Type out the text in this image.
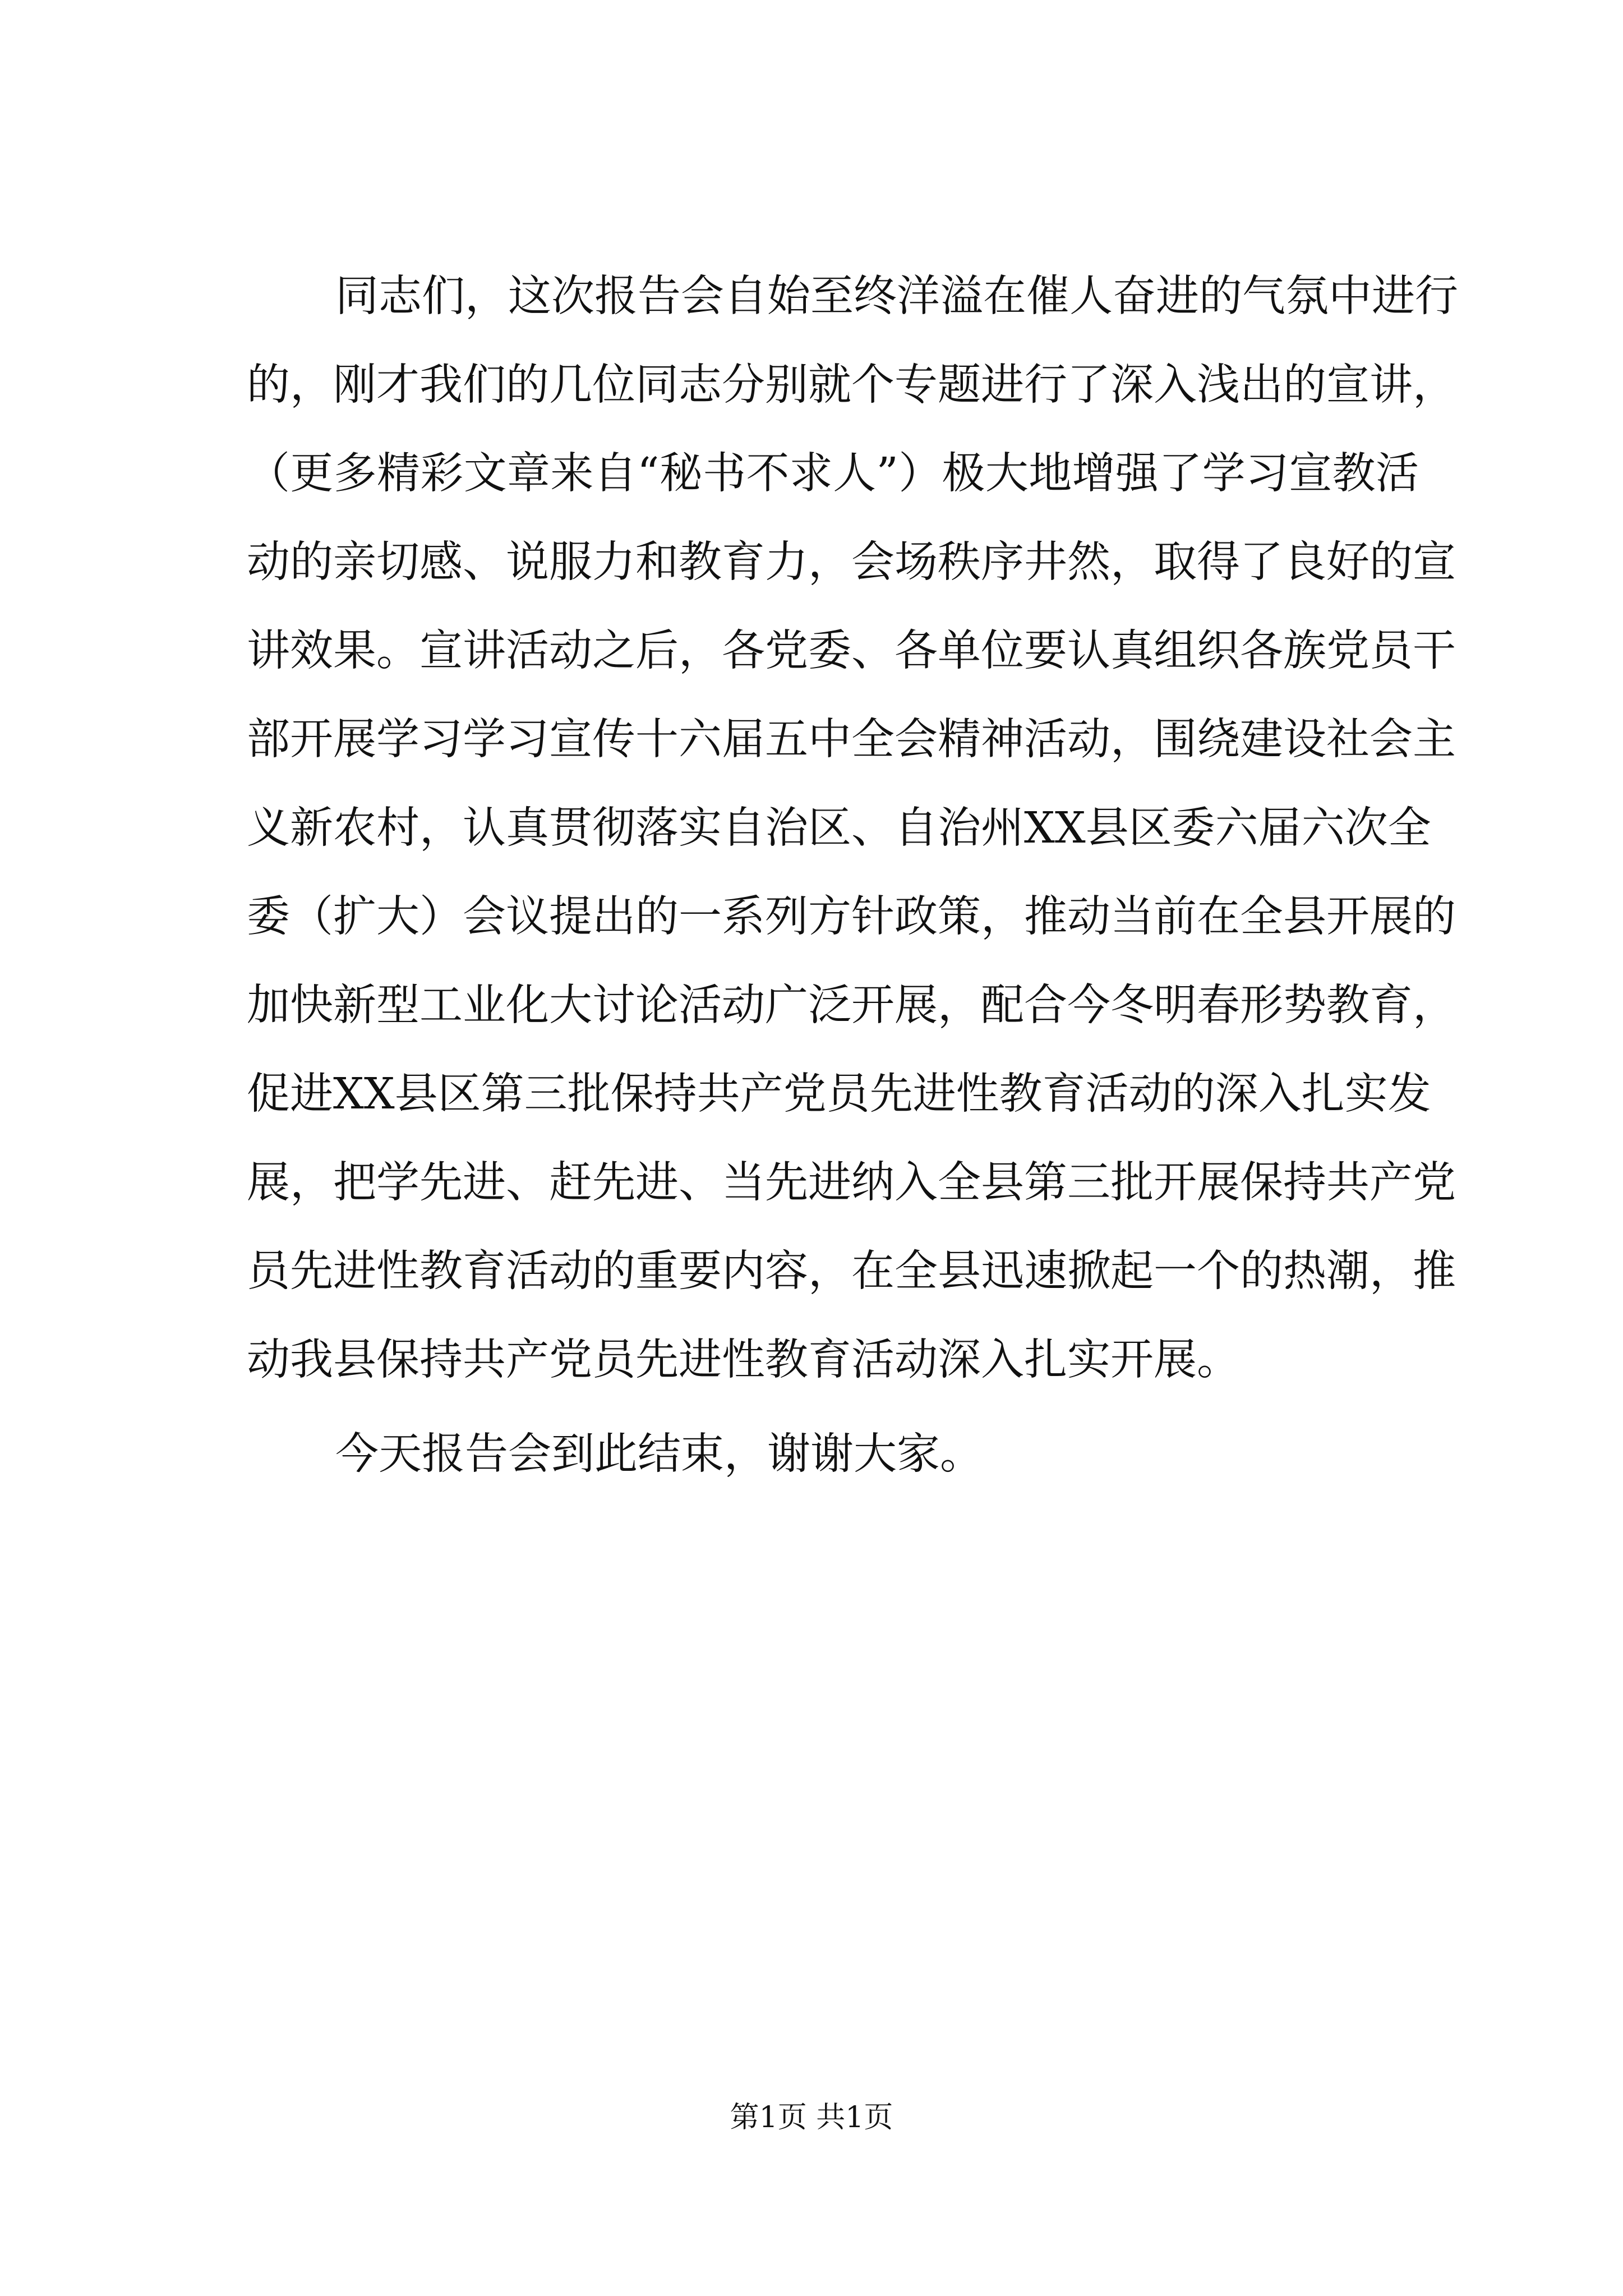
同志们，这次报告会自始至终洋溢在催人奋进的气氛中进行
的，刚才我们的几位同志分别就个专题进行了深入浅出的宣讲，
（更多精彩文章来自“秘书不求人”）极大地增强了学习宣教活
动的亲切感、说服力和教育力，会场秩序井然，取得了良好的宣
讲效果。宣讲活动之后，各党委、各单位要认真组织各族党员干
部开展学习学习宣传十六届五中全会精神活动，围绕建设社会主
义新农村，认真贯彻落实自治区、自治州XX县区委六届六次全
委（扩大）会议提出的一系列方针政策，推动当前在全县开展的
加快新型工业化大讨论活动广泛开展，配合今冬明春形势教育，
促进XX县区第三批保持共产党员先进性教育活动的深入扎实发
展，把学先进、赶先进、当先进纳入全县第三批开展保持共产党
员先进性教育活动的重要内容，在全县迅速掀起一个的热潮，推
动我县保持共产党员先进性教育活动深入扎实开展。
今天报告会到此结束，谢谢大家。
第1页 共1页
